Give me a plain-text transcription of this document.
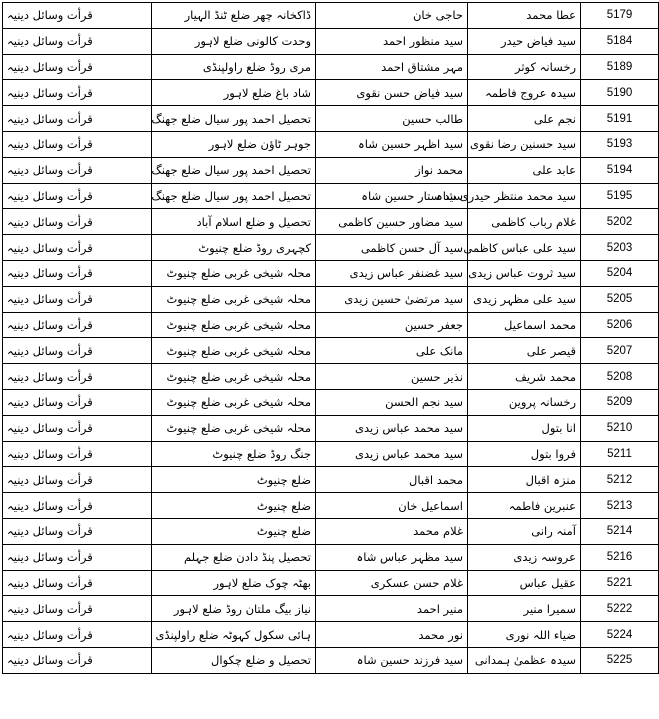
قرأت وسائل دینیہ	ڈاکخانہ چھر ضلع ٹنڈ الہیار	حاجی خان	عطا محمد	5179
قرأت وسائل دینیہ	وحدت کالونی ضلع لاہور	سید منظور احمد	سید فیاض حیدر	5184
قرأت وسائل دینیہ	مری روڈ ضلع راولپنڈی	مہر مشتاق احمد	رخسانہ کوثر	5189
قرأت وسائل دینیہ	شاد باغ ضلع لاہور	سید فیاض حسن نقوی	سیدہ عروج فاطمہ	5190
قرأت وسائل دینیہ	تحصیل احمد پور سیال ضلع جھنگ	طالب حسین	نجم علی	5191
قرأت وسائل دینیہ	جوہر ٹاؤن ضلع لاہور	سید اظہر حسین شاہ	سید حسنین رضا نقوی	5193
قرأت وسائل دینیہ	تحصیل احمد پور سیال ضلع جھنگ	محمد نواز	عابد علی	5194
قرأت وسائل دینیہ	تحصیل احمد پور سیال ضلع جھنگ	سید ستار حسین شاہ	سید محمد منتظر حیدری شاہ	5195
قرأت وسائل دینیہ	تحصیل و ضلع اسلام آباد	سید مضاور حسین کاظمی	غلام رباب کاظمی	5202
قرأت وسائل دینیہ	کچہری روڈ ضلع چنیوٹ	سید آل حسن کاظمی	سید علی عباس کاظمی	5203
قرأت وسائل دینیہ	محلہ شیخی غربی ضلع چنیوٹ	سید غضنفر عباس زیدی	سید ثروت عباس زیدی	5204
قرأت وسائل دینیہ	محلہ شیخی غربی ضلع چنیوٹ	سید مرتضیٰ حسین زیدی	سید علی مظہر زیدی	5205
قرأت وسائل دینیہ	محلہ شیخی غربی ضلع چنیوٹ	جعفر حسین	محمد اسماعیل	5206
قرأت وسائل دینیہ	محلہ شیخی غربی ضلع چنیوٹ	مانک علی	قیصر علی	5207
قرأت وسائل دینیہ	محلہ شیخی غربی ضلع چنیوٹ	نذیر حسین	محمد شریف	5208
قرأت وسائل دینیہ	محلہ شیخی غربی ضلع چنیوٹ	سید نجم الحسن	رخسانہ پروین	5209
قرأت وسائل دینیہ	محلہ شیخی غربی ضلع چنیوٹ	سید محمد عباس زیدی	انا بتول	5210
قرأت وسائل دینیہ	جنگ روڈ ضلع چنیوٹ	سید محمد عباس زیدی	فروا بتول	5211
قرأت وسائل دینیہ	ضلع چنیوٹ	محمد اقبال	منزہ اقبال	5212
قرأت وسائل دینیہ	ضلع چنیوٹ	اسماعیل خان	عنبرین فاطمہ	5213
قرأت وسائل دینیہ	ضلع چنیوٹ	غلام محمد	آمنہ رانی	5214
قرأت وسائل دینیہ	تحصیل پنڈ دادن ضلع جہلم	سید مظہر عباس شاہ	عروسہ زیدی	5216
قرأت وسائل دینیہ	بھٹہ چوک ضلع لاہور	غلام حسن عسکری	عقیل عباس	5221
قرأت وسائل دینیہ	نیاز بیگ ملتان روڈ ضلع لاہور	منیر احمد	سمیرا منیر	5222
قرأت وسائل دینیہ	ہائی سکول کہوٹہ ضلع راولپنڈی	نور محمد	ضیاء اللہ نوری	5224
قرأت وسائل دینیہ	تحصیل و ضلع چکوال	سید فرزند حسین شاہ	سیدہ عظمیٰ ہمدانی	5225
